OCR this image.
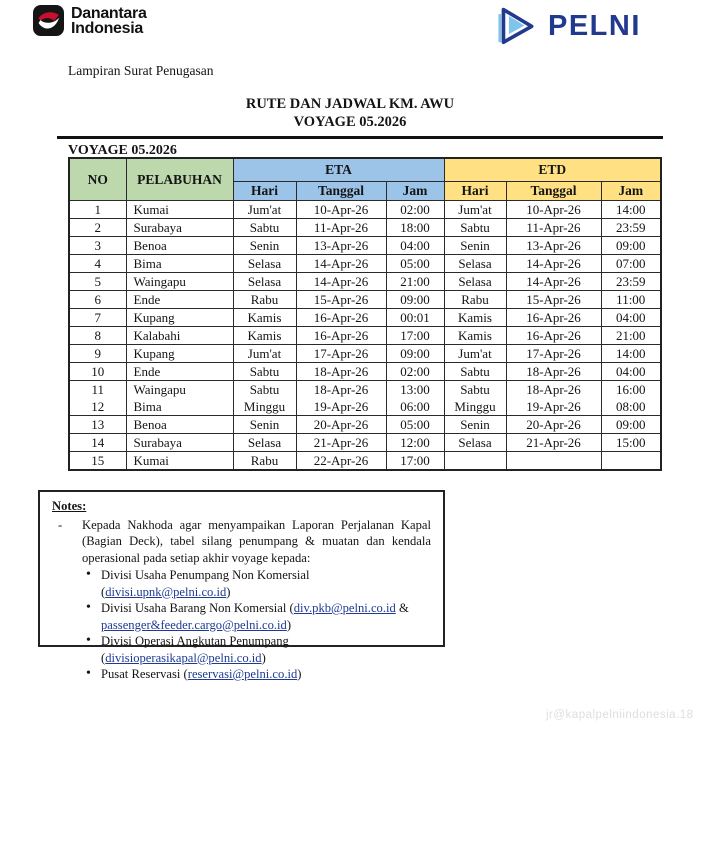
Danantara
Indonesia	PELNI
Lampiran Surat Penugasan
RUTE DAN JADWAL KM. AWU
VOYAGE 05.2026
VOYAGE 05.2026
NO	PELABUHAN	ETA			ETD		
		Hari	Tanggal	Jam	Hari	Tanggal	Jam
1	Kumai	Jum'at	10-Apr-26	02:00	Jum'at	10-Apr-26	14:00
2	Surabaya	Sabtu	11-Apr-26	18:00	Sabtu	11-Apr-26	23:59
3	Benoa	Senin	13-Apr-26	04:00	Senin	13-Apr-26	09:00
4	Bima	Selasa	14-Apr-26	05:00	Selasa	14-Apr-26	07:00
5	Waingapu	Selasa	14-Apr-26	21:00	Selasa	14-Apr-26	23:59
6	Ende	Rabu	15-Apr-26	09:00	Rabu	15-Apr-26	11:00
7	Kupang	Kamis	16-Apr-26	00:01	Kamis	16-Apr-26	04:00
8	Kalabahi	Kamis	16-Apr-26	17:00	Kamis	16-Apr-26	21:00
9	Kupang	Jum'at	17-Apr-26	09:00	Jum'at	17-Apr-26	14:00
10	Ende	Sabtu	18-Apr-26	02:00	Sabtu	18-Apr-26	04:00
11	Waingapu	Sabtu	18-Apr-26	13:00	Sabtu	18-Apr-26	16:00
12	Bima	Minggu	19-Apr-26	06:00	Minggu	19-Apr-26	08:00
13	Benoa	Senin	20-Apr-26	05:00	Senin	20-Apr-26	09:00
14	Surabaya	Selasa	21-Apr-26	12:00	Selasa	21-Apr-26	15:00
15	Kumai	Rabu	22-Apr-26	17:00			
Notes:
-	Kepada Nakhoda agar menyampaikan Laporan Perjalanan Kapal (Bagian Deck), tabel silang penumpang & muatan dan kendala operasional pada setiap akhir voyage kepada:
• Divisi Usaha Penumpang Non Komersial (divisi.upnk@pelni.co.id)
• Divisi Usaha Barang Non Komersial (div.pkb@pelni.co.id & passenger&feeder.cargo@pelni.co.id)
• Divisi Operasi Angkutan Penumpang (divisioperasikapal@pelni.co.id)
• Pusat Reservasi (reservasi@pelni.co.id)
jr@kapalpelniindonesia.18
